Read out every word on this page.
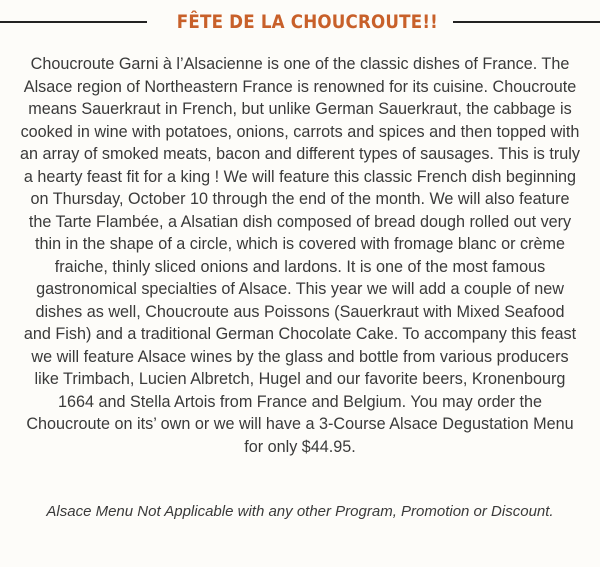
FÊTE DE LA CHOUCROUTE!!

Choucroute Garni à l’Alsacienne is one of the classic dishes of France. The Alsace region of Northeastern France is renowned for its cuisine. Choucroute means Sauerkraut in French, but unlike German Sauerkraut, the cabbage is cooked in wine with potatoes, onions, carrots and spices and then topped with an array of smoked meats, bacon and different types of sausages. This is truly a hearty feast fit for a king ! We will feature this classic French dish beginning on Thursday, October 10 through the end of the month. We will also feature the Tarte Flambée, a Alsatian dish composed of bread dough rolled out very thin in the shape of a circle, which is covered with fromage blanc or crème fraiche, thinly sliced onions and lardons. It is one of the most famous gastronomical specialties of Alsace. This year we will add a couple of new dishes as well, Choucroute aus Poissons (Sauerkraut with Mixed Seafood and Fish) and a traditional German Chocolate Cake. To accompany this feast we will feature Alsace wines by the glass and bottle from various producers like Trimbach, Lucien Albretch, Hugel and our favorite beers, Kronenbourg 1664 and Stella Artois from France and Belgium. You may order the Choucroute on its’ own or we will have a 3-Course Alsace Degustation Menu for only $44.95.

Alsace Menu Not Applicable with any other Program, Promotion or Discount.
